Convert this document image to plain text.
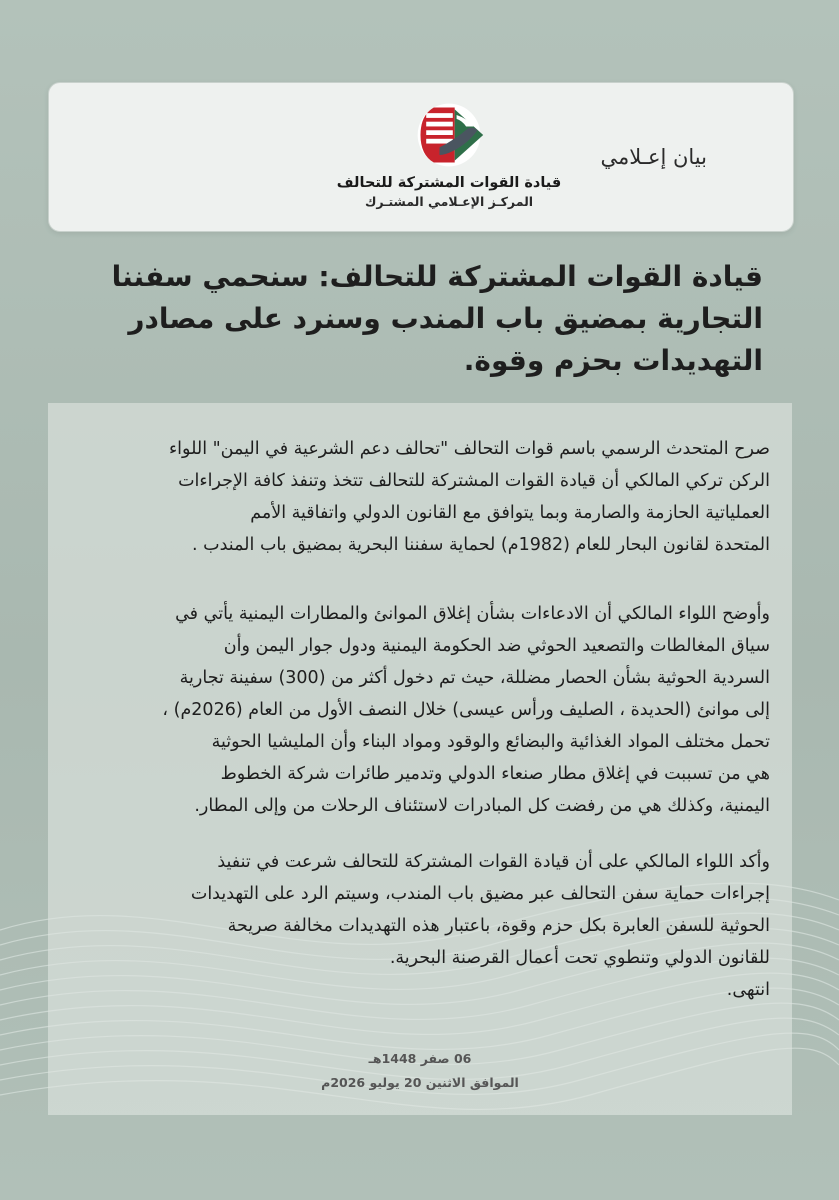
قيادة القوات المشتركة للتحالف
المركـز الإعـلامي المشتـرك
بيان إعـلامي
قيادة القوات المشتركة للتحالف: سنحمي سفننا
التجارية بمضيق باب المندب وسنرد على مصادر
التهديدات بحزم وقوة.
صرح المتحدث الرسمي باسم قوات التحالف "تحالف دعم الشرعية في اليمن" اللواء
الركن تركي المالكي أن قيادة القوات المشتركة للتحالف تتخذ وتنفذ كافة الإجراءات
العملياتية الحازمة والصارمة وبما يتوافق مع القانون الدولي واتفاقية الأمم
المتحدة لقانون البحار للعام (1982م) لحماية سفننا البحرية بمضيق باب المندب .
وأوضح اللواء المالكي أن الادعاءات بشأن إغلاق الموانئ والمطارات اليمنية يأتي في
سياق المغالطات والتصعيد الحوثي ضد الحكومة اليمنية ودول جوار اليمن وأن
السردية الحوثية بشأن الحصار مضللة، حيث تم دخول أكثر من (300) سفينة تجارية
إلى موانئ (الحديدة ، الصليف ورأس عيسى) خلال النصف الأول من العام (2026م) ،
تحمل مختلف المواد الغذائية والبضائع والوقود ومواد البناء وأن المليشيا الحوثية
هي من تسببت في إغلاق مطار صنعاء الدولي وتدمير طائرات شركة الخطوط
اليمنية، وكذلك هي من رفضت كل المبادرات لاستئناف الرحلات من وإلى المطار.
وأكد اللواء المالكي على أن قيادة القوات المشتركة للتحالف شرعت في تنفيذ
إجراءات حماية سفن التحالف عبر مضيق باب المندب، وسيتم الرد على التهديدات
الحوثية للسفن العابرة بكل حزم وقوة، باعتبار هذه التهديدات مخالفة صريحة
للقانون الدولي وتنطوي تحت أعمال القرصنة البحرية.
انتهى.
06 صفر 1448هـ
الموافق الاثنين 20 يوليو 2026م
